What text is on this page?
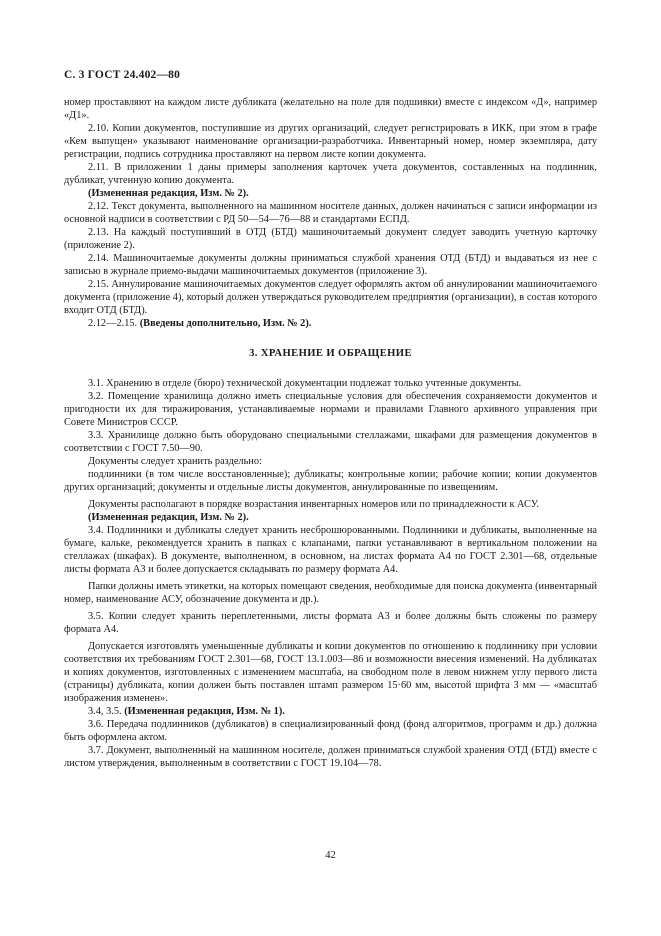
С. 3 ГОСТ 24.402—80

номер проставляют на каждом листе дубликата (желательно на поле для подшивки) вместе с индексом «Д», например «Д1».

2.10. Копии документов, поступившие из других организаций, следует регистрировать в ИКК, при этом в графе «Кем выпущен» указывают наименование организации-разработчика. Инвентарный номер, номер экземпляра, дату регистрации, подпись сотрудника проставляют на первом листе копии документа.

2.11. В приложении 1 даны примеры заполнения карточек учета документов, составленных на подлинник, дубликат, учтенную копию документа.

(Измененная редакция, Изм. № 2).

2.12. Текст документа, выполненного на машинном носителе данных, должен начинаться с записи информации из основной надписи в соответствии с РД 50—54—76—88 и стандартами ЕСПД.

2.13. На каждый поступивший в ОТД (БТД) машиночитаемый документ следует заводить учетную карточку (приложение 2).

2.14. Машиночитаемые документы должны приниматься службой хранения ОТД (БТД) и выдаваться из нее с записью в журнале приемо-выдачи машиночитаемых документов (приложение 3).

2.15. Аннулирование машиночитаемых документов следует оформлять актом об аннулировании машиночитаемого документа (приложение 4), который должен утверждаться руководителем предприятия (организации), в состав которого входит ОТД (БТД).

2.12—2.15. (Введены дополнительно, Изм. № 2).

3. ХРАНЕНИЕ И ОБРАЩЕНИЕ

3.1. Хранению в отделе (бюро) технической документации подлежат только учтенные документы.

3.2. Помещение хранилища должно иметь специальные условия для обеспечения сохраняемости документов и пригодности их для тиражирования, устанавливаемые нормами и правилами Главного архивного управления при Совете Министров СССР.

3.3. Хранилище должно быть оборудовано специальными стеллажами, шкафами для размещения документов в соответствии с ГОСТ 7.50—90.

Документы следует хранить раздельно:

подлинники (в том числе восстановленные); дубликаты; контрольные копии; рабочие копии; копии документов других организаций; документы и отдельные листы документов, аннулированные по извещениям.

Документы располагают в порядке возрастания инвентарных номеров или по принадлежности к АСУ.

(Измененная редакция, Изм. № 2).

3.4. Подлинники и дубликаты следует хранить несброшюрованными. Подлинники и дубликаты, выполненные на бумаге, кальке, рекомендуется хранить в папках с клапанами, папки устанавливают в вертикальном положении на стеллажах (шкафах). В документе, выполненном, в основном, на листах формата А4 по ГОСТ 2.301—68, отдельные листы формата А3 и более допускается складывать по размеру формата А4.

Папки должны иметь этикетки, на которых помещают сведения, необходимые для поиска документа (инвентарный номер, наименование АСУ, обозначение документа и др.).

3.5. Копии следует хранить переплетенными, листы формата А3 и более должны быть сложены по размеру формата А4.

Допускается изготовлять уменьшенные дубликаты и копии документов по отношению к подлиннику при условии соответствия их требованиям ГОСТ 2.301—68, ГОСТ 13.1.003—86 и возможности внесения изменений. На дубликатах и копиях документов, изготовленных с изменением масштаба, на свободном поле в левом нижнем углу первого листа (страницы) дубликата, копии должен быть поставлен штамп размером 15·60 мм, высотой шрифта 3 мм — «масштаб изображения изменен».

3.4, 3.5. (Измененная редакция, Изм. № 1).

3.6. Передача подлинников (дубликатов) в специализированный фонд (фонд алгоритмов, программ и др.) должна быть оформлена актом.

3.7. Документ, выполненный на машинном носителе, должен приниматься службой хранения ОТД (БТД) вместе с листом утверждения, выполненным в соответствии с ГОСТ 19.104—78.

42
